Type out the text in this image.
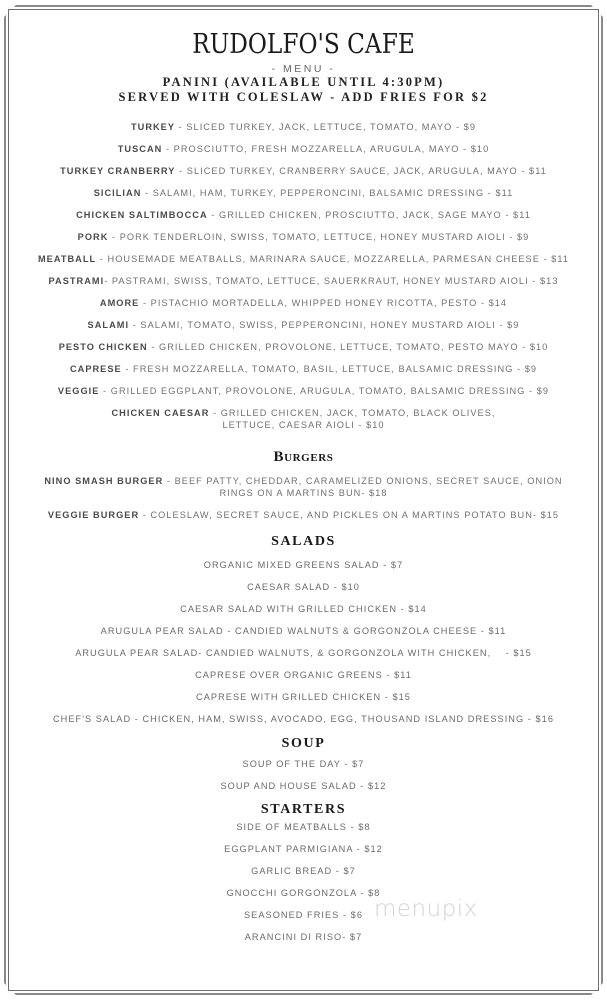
RUDOLFO'S CAFE
- MENU -
PANINI (AVAILABLE UNTIL 4:30PM)
SERVED WITH COLESLAW - ADD FRIES FOR $2
TURKEY - SLICED TURKEY, JACK, LETTUCE, TOMATO, MAYO - $9
TUSCAN - PROSCIUTTO, FRESH MOZZARELLA, ARUGULA, MAYO - $10
TURKEY CRANBERRY - SLICED TURKEY, CRANBERRY SAUCE, JACK, ARUGULA, MAYO - $11
SICILIAN - SALAMI, HAM, TURKEY, PEPPERONCINI, BALSAMIC DRESSING - $11
CHICKEN SALTIMBOCCA - GRILLED CHICKEN, PROSCIUTTO, JACK, SAGE MAYO - $11
PORK - PORK TENDERLOIN, SWISS, TOMATO, LETTUCE, HONEY MUSTARD AIOLI - $9
MEATBALL - HOUSEMADE MEATBALLS, MARINARA SAUCE, MOZZARELLA, PARMESAN CHEESE - $11
PASTRAMI- PASTRAMI, SWISS, TOMATO, LETTUCE, SAUERKRAUT, HONEY MUSTARD AIOLI - $13
AMORE - PISTACHIO MORTADELLA, WHIPPED HONEY RICOTTA, PESTO - $14
SALAMI - SALAMI, TOMATO, SWISS, PEPPERONCINI, HONEY MUSTARD AIOLI - $9
PESTO CHICKEN - GRILLED CHICKEN, PROVOLONE, LETTUCE, TOMATO, PESTO MAYO - $10
CAPRESE - FRESH MOZZARELLA, TOMATO, BASIL, LETTUCE, BALSAMIC DRESSING - $9
VEGGIE - GRILLED EGGPLANT, PROVOLONE, ARUGULA, TOMATO, BALSAMIC DRESSING - $9
CHICKEN CAESAR - GRILLED CHICKEN, JACK, TOMATO, BLACK OLIVES, LETTUCE, CAESAR AIOLI - $10
Burgers
NINO SMASH BURGER - BEEF PATTY, CHEDDAR, CARAMELIZED ONIONS, SECRET SAUCE, ONION RINGS ON A MARTINS BUN- $18
VEGGIE BURGER - COLESLAW, SECRET SAUCE, AND PICKLES ON A MARTINS POTATO BUN- $15
SALADS
ORGANIC MIXED GREENS SALAD - $7
CAESAR SALAD - $10
CAESAR SALAD WITH GRILLED CHICKEN - $14
ARUGULA PEAR SALAD - CANDIED WALNUTS & GORGONZOLA CHEESE - $11
ARUGULA PEAR SALAD- CANDIED WALNUTS, & GORGONZOLA WITH CHICKEN,    - $15
CAPRESE OVER ORGANIC GREENS - $11
CAPRESE WITH GRILLED CHICKEN - $15
CHEF'S SALAD - CHICKEN, HAM, SWISS, AVOCADO, EGG, THOUSAND ISLAND DRESSING - $16
SOUP
SOUP OF THE DAY - $7
SOUP AND HOUSE SALAD - $12
STARTERS
SIDE OF MEATBALLS - $8
EGGPLANT PARMIGIANA - $12
GARLIC BREAD - $7
GNOCCHI GORGONZOLA - $8
SEASONED FRIES - $6
ARANCINI DI RISO- $7
menupix
